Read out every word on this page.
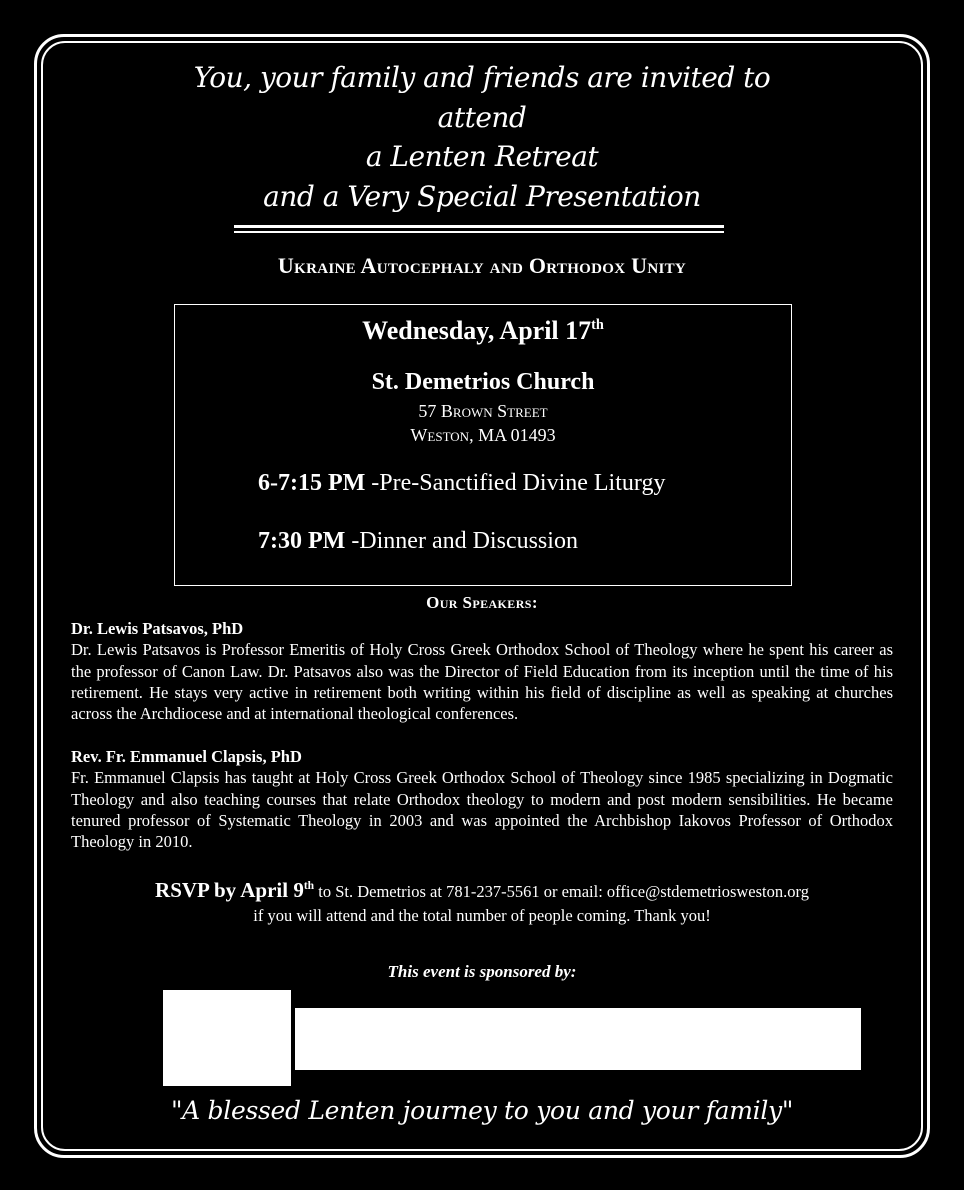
You, your family and friends are invited to
attend
a Lenten Retreat
and a Very Special Presentation
Ukraine Autocephaly and Orthodox Unity
Wednesday, April 17th
St. Demetrios Church
57 Brown Street
Weston, MA 01493
6-7:15 PM -Pre-Sanctified Divine Liturgy
7:30 PM -Dinner and Discussion
Our Speakers:
Dr. Lewis Patsavos, PhD
Dr. Lewis Patsavos is Professor Emeritis of Holy Cross Greek Orthodox School of Theology where he spent his career as the professor of Canon Law. Dr. Patsavos also was the Director of Field Education from its inception until the time of his retirement. He stays very active in retirement both writing within his field of discipline as well as speaking at churches across the Archdiocese and at international theological conferences.
Rev. Fr. Emmanuel Clapsis, PhD
Fr. Emmanuel Clapsis has taught at Holy Cross Greek Orthodox School of Theology since 1985 specializing in Dogmatic Theology and also teaching courses that relate Orthodox theology to modern and post modern sensibilities. He became tenured professor of Systematic Theology in 2003 and was appointed the Archbishop Iakovos Professor of Orthodox Theology in 2010.
RSVP by April 9th to St. Demetrios at 781-237-5561 or email: office@stdemetriosweston.org
if you will attend and the total number of people coming. Thank you!
This event is sponsored by:
"A blessed Lenten journey to you and your family"
